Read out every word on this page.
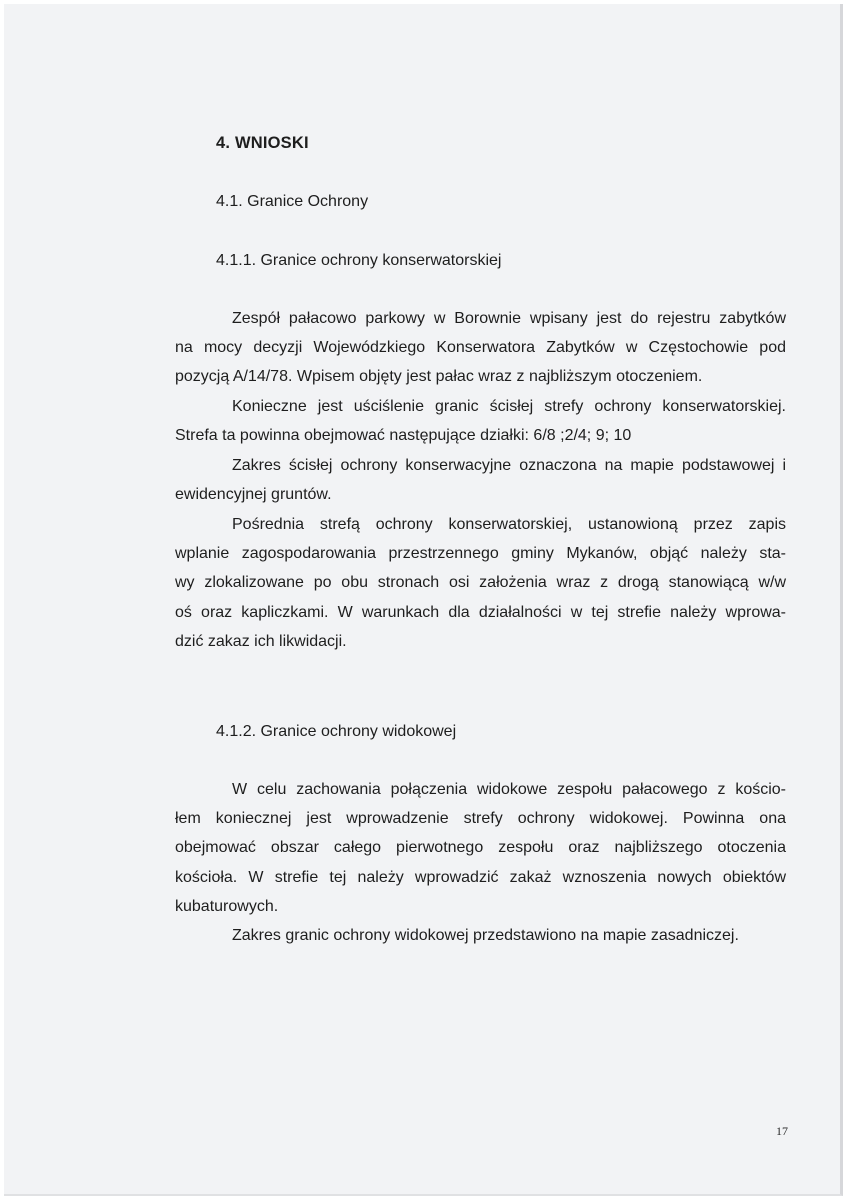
4. WNIOSKI
4.1. Granice Ochrony
4.1.1. Granice ochrony konserwatorskiej

Zespół pałacowo parkowy w Borownie wpisany jest do rejestru zabytków
na mocy decyzji Wojewódzkiego Konserwatora Zabytków w Częstochowie pod
pozycją A/14/78. Wpisem objęty jest pałac wraz z najbliższym otoczeniem.

Konieczne jest uściślenie granic ścisłej strefy ochrony konserwatorskiej.
Strefa ta powinna obejmować następujące działki: 6/8 ;2/4; 9; 10

Zakres ścisłej ochrony konserwacyjne oznaczona na mapie podstawowej i
ewidencyjnej gruntów.

Pośrednia strefą ochrony konserwatorskiej, ustanowioną przez zapis
wplanie zagospodarowania przestrzennego gminy Mykanów, objąć należy sta-
wy zlokalizowane po obu stronach osi założenia wraz z drogą stanowiącą w/w
oś oraz kapliczkami. W warunkach dla działalności w tej strefie należy wprowa-
dzić zakaz ich likwidacji.

4.1.2. Granice ochrony widokowej

W celu zachowania połączenia widokowe zespołu pałacowego z kościo-
łem koniecznej jest wprowadzenie strefy ochrony widokowej. Powinna ona
obejmować obszar całego pierwotnego zespołu oraz najbliższego otoczenia
kościoła. W strefie tej należy wprowadzić zakaż wznoszenia nowych obiektów
kubaturowych.

Zakres granic ochrony widokowej przedstawiono na mapie zasadniczej.

17
